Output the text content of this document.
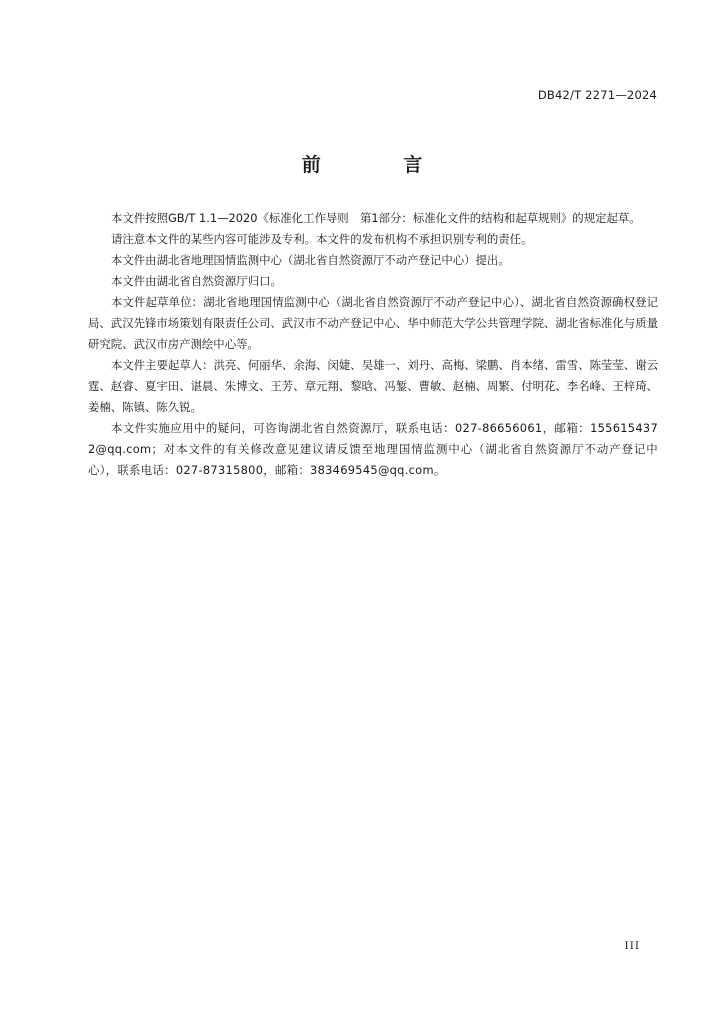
DB42/T 2271—2024
前 言

本文件按照GB/T 1.1—2020《标准化工作导则　第1部分：标准化文件的结构和起草规则》的规定起草。

请注意本文件的某些内容可能涉及专利。本文件的发布机构不承担识别专利的责任。

本文件由湖北省地理国情监测中心（湖北省自然资源厅不动产登记中心）提出。

本文件由湖北省自然资源厅归口。

本文件起草单位：湖北省地理国情监测中心（湖北省自然资源厅不动产登记中心）、湖北省自然资源确权登记局、武汉先锋市场策划有限责任公司、武汉市不动产登记中心、华中师范大学公共管理学院、湖北省标准化与质量研究院、武汉市房产测绘中心等。

本文件主要起草人：洪亮、何丽华、余海、闵婕、吴雄一、刘丹、高梅、梁鹏、肖本绪、雷雪、陈莹莹、谢云霆、赵睿、夏宇田、谌晨、朱博文、王芳、章元翔、黎晗、冯錾、曹敏、赵楠、周繁、付明花、李名峰、王梓琦、姜楠、陈镇、陈久锐。

本文件实施应用中的疑问，可咨询湖北省自然资源厅，联系电话：027-86656061，邮箱：1556154372@qq.com；对本文件的有关修改意见建议请反馈至地理国情监测中心（湖北省自然资源厅不动产登记中心），联系电话：027-87315800，邮箱：383469545@qq.com。

III
